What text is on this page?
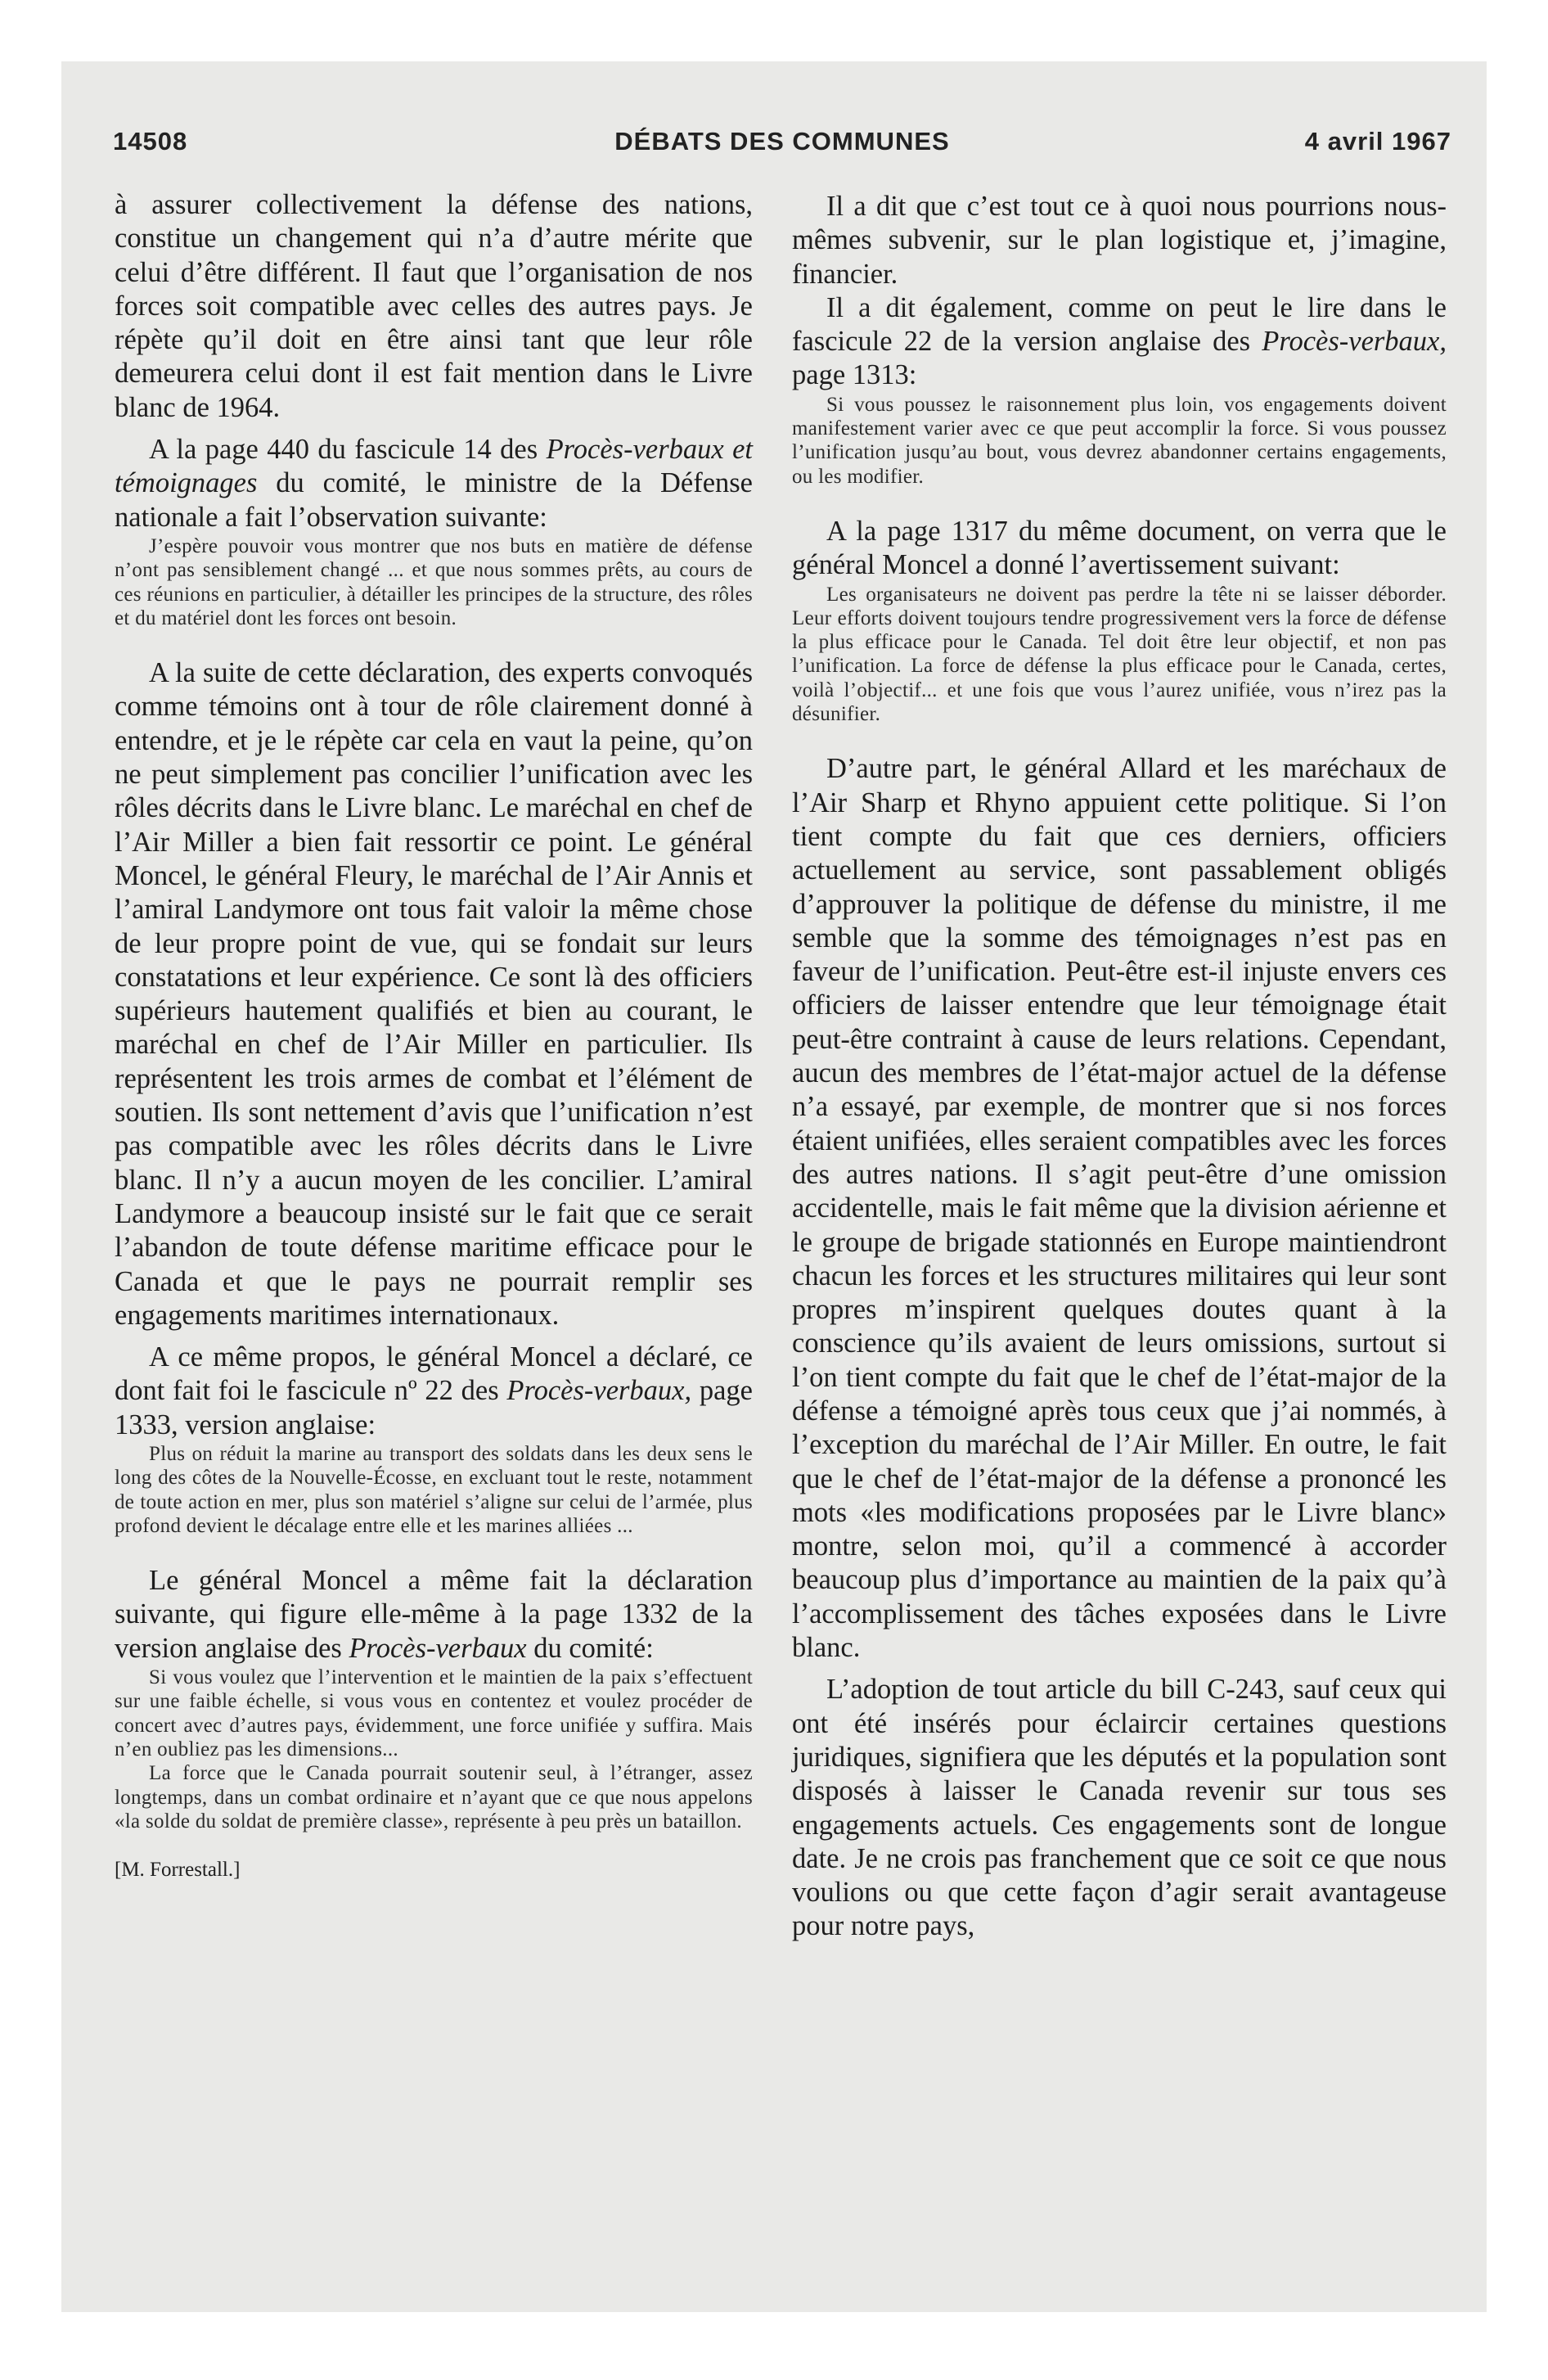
14508	DÉBATS DES COMMUNES	4 avril 1967

à assurer collectivement la défense des nations, constitue un changement qui n’a d’autre mérite que celui d’être différent. Il faut que l’organisation de nos forces soit compatible avec celles des autres pays. Je répète qu’il doit en être ainsi tant que leur rôle demeurera celui dont il est fait mention dans le Livre blanc de 1964.

A la page 440 du fascicule 14 des Procès-verbaux et témoignages du comité, le ministre de la Défense nationale a fait l’observation suivante:

J’espère pouvoir vous montrer que nos buts en matière de défense n’ont pas sensiblement changé ... et que nous sommes prêts, au cours de ces réunions en particulier, à détailler les principes de la structure, des rôles et du matériel dont les forces ont besoin.

A la suite de cette déclaration, des experts convoqués comme témoins ont à tour de rôle clairement donné à entendre, et je le répète car cela en vaut la peine, qu’on ne peut simplement pas concilier l’unification avec les rôles décrits dans le Livre blanc. Le maréchal en chef de l’Air Miller a bien fait ressortir ce point. Le général Moncel, le général Fleury, le maréchal de l’Air Annis et l’amiral Landymore ont tous fait valoir la même chose de leur propre point de vue, qui se fondait sur leurs constatations et leur expérience. Ce sont là des officiers supérieurs hautement qualifiés et bien au courant, le maréchal en chef de l’Air Miller en particulier. Ils représentent les trois armes de combat et l’élément de soutien. Ils sont nettement d’avis que l’unification n’est pas compatible avec les rôles décrits dans le Livre blanc. Il n’y a aucun moyen de les concilier. L’amiral Landymore a beaucoup insisté sur le fait que ce serait l’abandon de toute défense maritime efficace pour le Canada et que le pays ne pourrait remplir ses engagements maritimes internationaux.

A ce même propos, le général Moncel a déclaré, ce dont fait foi le fascicule nº 22 des Procès-verbaux, page 1333, version anglaise:

Plus on réduit la marine au transport des soldats dans les deux sens le long des côtes de la Nouvelle-Écosse, en excluant tout le reste, notamment de toute action en mer, plus son matériel s’aligne sur celui de l’armée, plus profond devient le décalage entre elle et les marines alliées ...

Le général Moncel a même fait la déclaration suivante, qui figure elle-même à la page 1332 de la version anglaise des Procès-verbaux du comité:

Si vous voulez que l’intervention et le maintien de la paix s’effectuent sur une faible échelle, si vous vous en contentez et voulez procéder de concert avec d’autres pays, évidemment, une force unifiée y suffira. Mais n’en oubliez pas les dimensions...

La force que le Canada pourrait soutenir seul, à l’étranger, assez longtemps, dans un combat ordinaire et n’ayant que ce que nous appelons «la solde du soldat de première classe», représente à peu près un bataillon.

[M. Forrestall.]

Il a dit que c’est tout ce à quoi nous pourrions nous-mêmes subvenir, sur le plan logistique et, j’imagine, financier.

Il a dit également, comme on peut le lire dans le fascicule 22 de la version anglaise des Procès-verbaux, page 1313:

Si vous poussez le raisonnement plus loin, vos engagements doivent manifestement varier avec ce que peut accomplir la force. Si vous poussez l’unification jusqu’au bout, vous devrez abandonner certains engagements, ou les modifier.

A la page 1317 du même document, on verra que le général Moncel a donné l’avertissement suivant:

Les organisateurs ne doivent pas perdre la tête ni se laisser déborder. Leur efforts doivent toujours tendre progressivement vers la force de défense la plus efficace pour le Canada. Tel doit être leur objectif, et non pas l’unification. La force de défense la plus efficace pour le Canada, certes, voilà l’objectif... et une fois que vous l’aurez unifiée, vous n’irez pas la désunifier.

D’autre part, le général Allard et les maréchaux de l’Air Sharp et Rhyno appuient cette politique. Si l’on tient compte du fait que ces derniers, officiers actuellement au service, sont passablement obligés d’approuver la politique de défense du ministre, il me semble que la somme des témoignages n’est pas en faveur de l’unification. Peut-être est-il injuste envers ces officiers de laisser entendre que leur témoignage était peut-être contraint à cause de leurs relations. Cependant, aucun des membres de l’état-major actuel de la défense n’a essayé, par exemple, de montrer que si nos forces étaient unifiées, elles seraient compatibles avec les forces des autres nations. Il s’agit peut-être d’une omission accidentelle, mais le fait même que la division aérienne et le groupe de brigade stationnés en Europe maintiendront chacun les forces et les structures militaires qui leur sont propres m’inspirent quelques doutes quant à la conscience qu’ils avaient de leurs omissions, surtout si l’on tient compte du fait que le chef de l’état-major de la défense a témoigné après tous ceux que j’ai nommés, à l’exception du maréchal de l’Air Miller. En outre, le fait que le chef de l’état-major de la défense a prononcé les mots «les modifications proposées par le Livre blanc» montre, selon moi, qu’il a commencé à accorder beaucoup plus d’importance au maintien de la paix qu’à l’accomplissement des tâches exposées dans le Livre blanc.

L’adoption de tout article du bill C-243, sauf ceux qui ont été insérés pour éclaircir certaines questions juridiques, signifiera que les députés et la population sont disposés à laisser le Canada revenir sur tous ses engagements actuels. Ces engagements sont de longue date. Je ne crois pas franchement que ce soit ce que nous voulions ou que cette façon d’agir serait avantageuse pour notre pays,
